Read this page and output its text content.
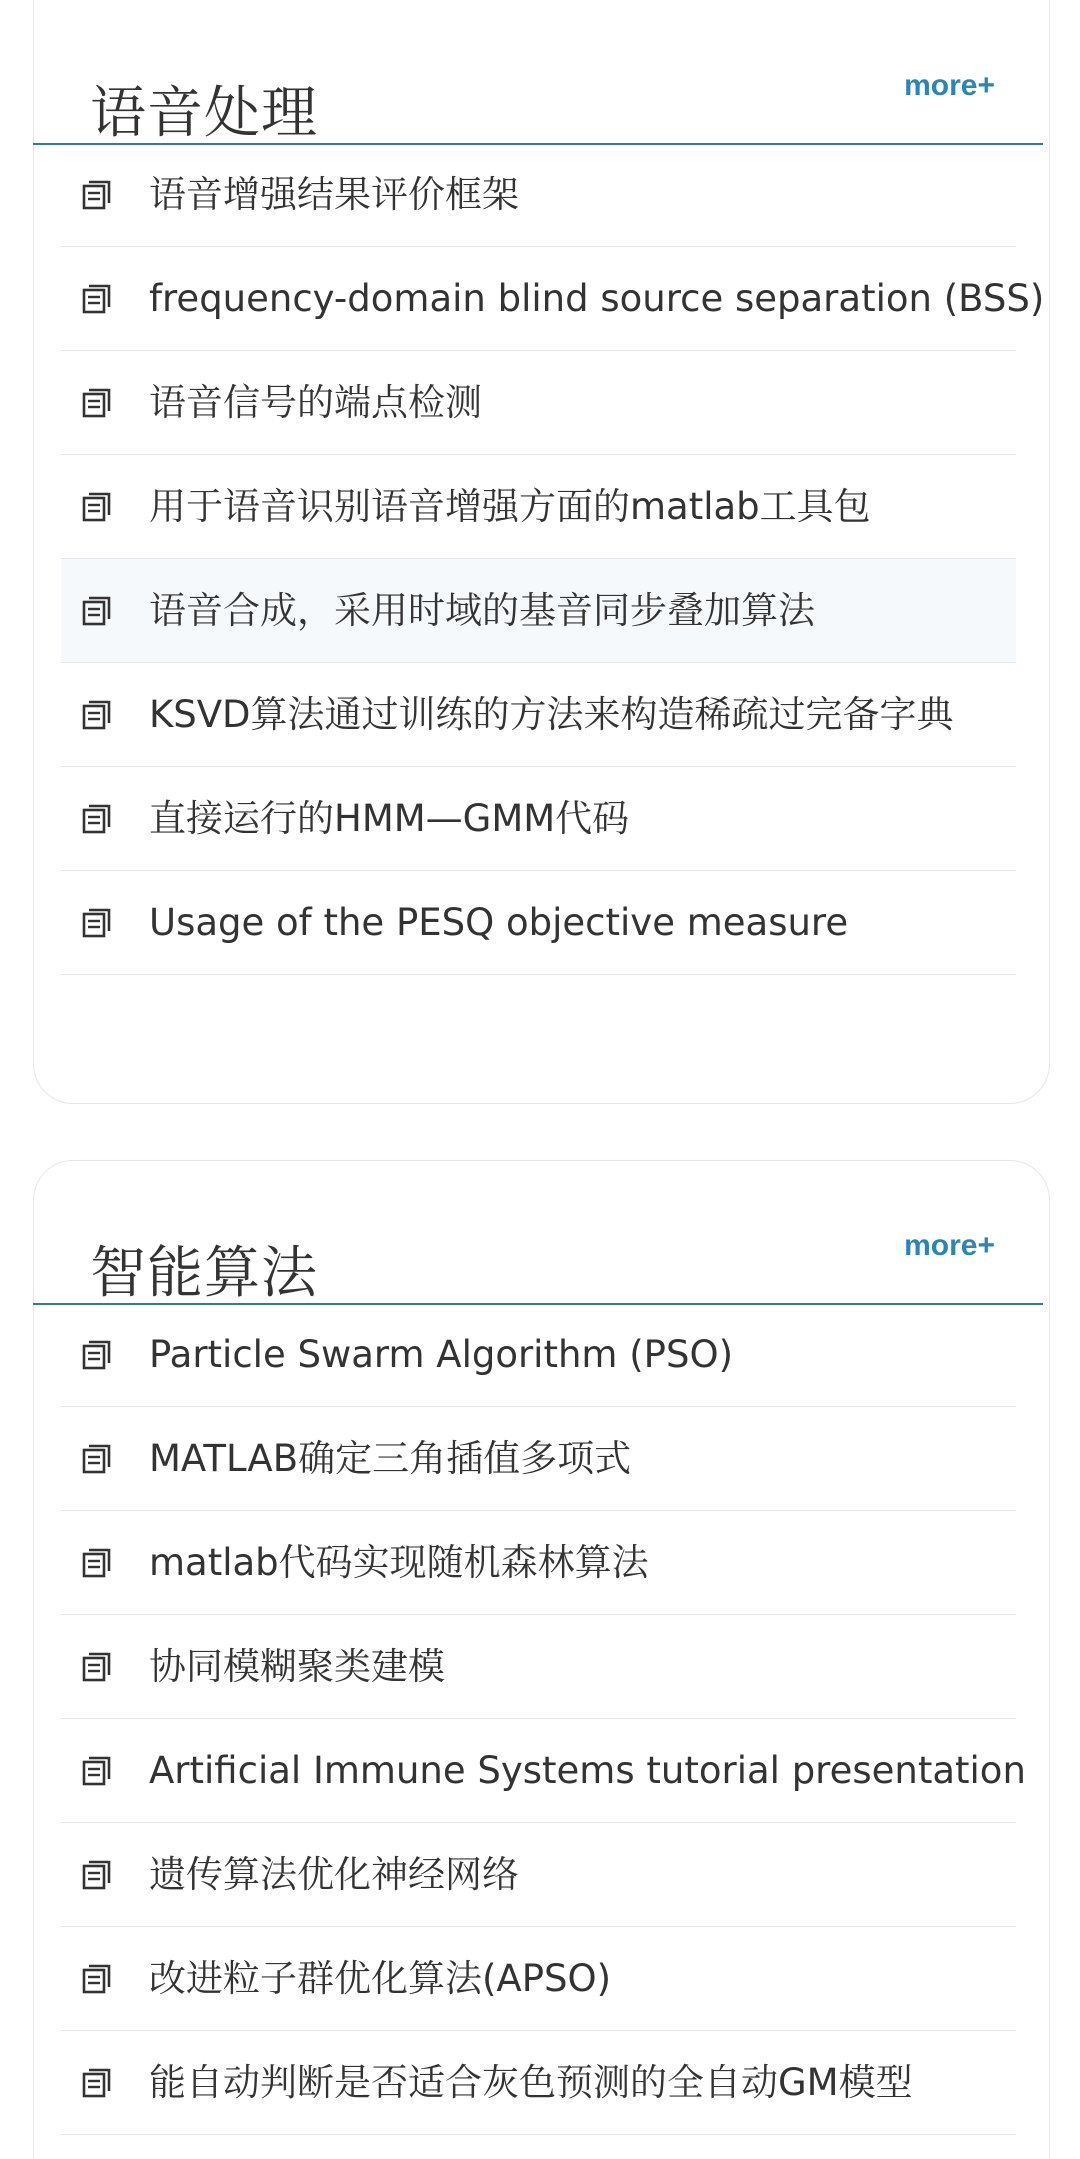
语音处理	more+
语音增强结果评价框架
frequency-domain blind source separation (BSS)
语音信号的端点检测
用于语音识别语音增强方面的matlab工具包
语音合成，采用时域的基音同步叠加算法
KSVD算法通过训练的方法来构造稀疏过完备字典
直接运行的HMM—GMM代码
Usage of the PESQ objective measure
智能算法	more+
Particle Swarm Algorithm (PSO)
MATLAB确定三角插值多项式
matlab代码实现随机森林算法
协同模糊聚类建模
Artificial Immune Systems tutorial presentation
遗传算法优化神经网络
改进粒子群优化算法(APSO)
能自动判断是否适合灰色预测的全自动GM模型
